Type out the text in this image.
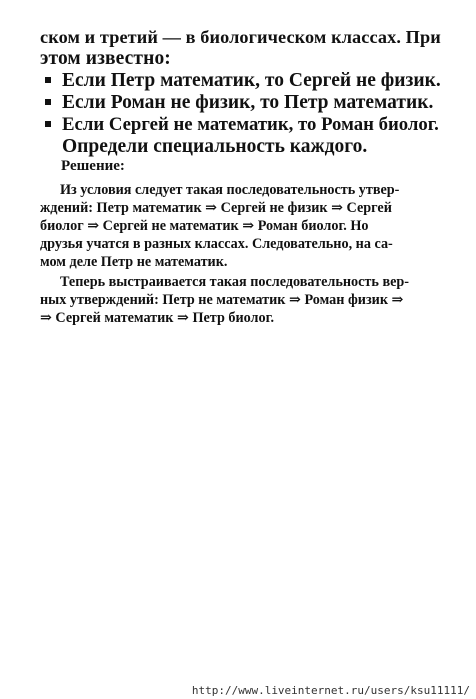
ском и третий — в биологическом классах. При
этом известно:
Если Петр математик, то Сергей не физик.
Если Роман не физик, то Петр математик.
Если Сергей не математик, то Роман биолог.
Определи специальность каждого.
Решение:
Из условия следует такая последовательность утвер-
ждений: Петр математик ⇒ Сергей не физик ⇒ Сергей
биолог ⇒ Сергей не математик ⇒ Роман биолог. Но
друзья учатся в разных классах. Следовательно, на са-
мом деле Петр не математик.
Теперь выстраивается такая последовательность вер-
ных утверждений: Петр не математик ⇒ Роман физик ⇒
⇒ Сергей математик ⇒ Петр биолог.
http://www.liveinternet.ru/users/ksu11111/
